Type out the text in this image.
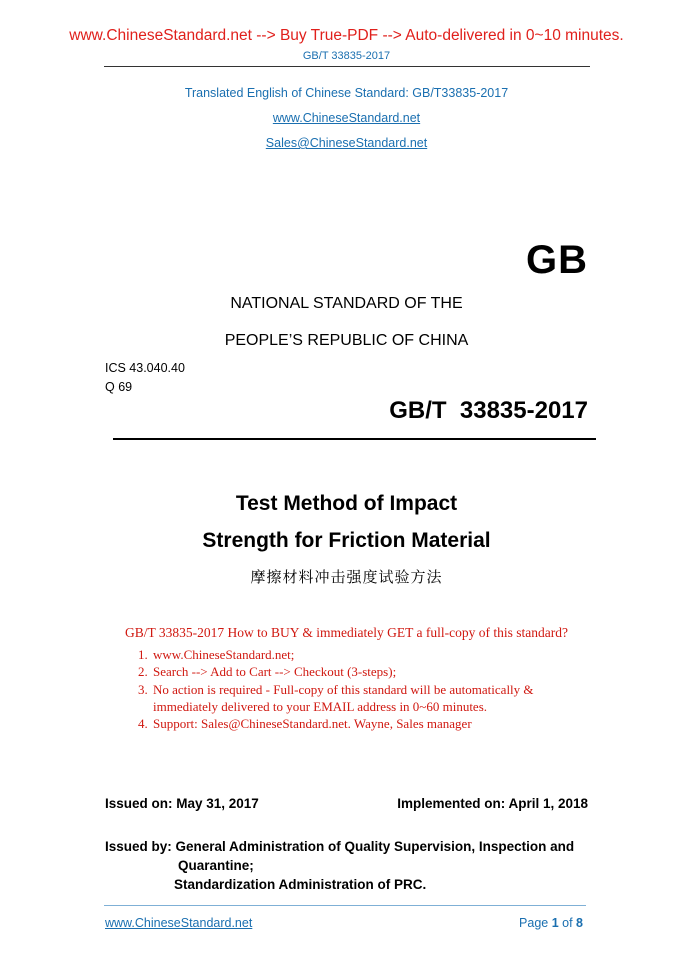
www.ChineseStandard.net --> Buy True-PDF --> Auto-delivered in 0~10 minutes.
GB/T 33835-2017
Translated English of Chinese Standard: GB/T33835-2017
www.ChineseStandard.net
Sales@ChineseStandard.net
GB
NATIONAL STANDARD OF THE
PEOPLE’S REPUBLIC OF CHINA
ICS 43.040.40
Q 69
GB/T  33835-2017
Test Method of Impact
Strength for Friction Material
摩擦材料冲击强度试验方法
GB/T 33835-2017 How to BUY & immediately GET a full-copy of this standard?
1. www.ChineseStandard.net;
2. Search --> Add to Cart --> Checkout (3-steps);
3. No action is required - Full-copy of this standard will be automatically & immediately delivered to your EMAIL address in 0~60 minutes.
4. Support: Sales@ChineseStandard.net. Wayne, Sales manager
Issued on: May 31, 2017	Implemented on: April 1, 2018
Issued by: General Administration of Quality Supervision, Inspection and
Quarantine;
Standardization Administration of PRC.
www.ChineseStandard.net	Page 1 of 8
